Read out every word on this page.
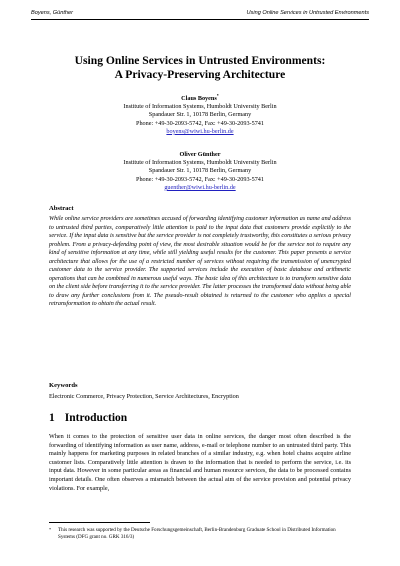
Boyens, Günther	Using Online Services in Untrusted Environments
Using Online Services in Untrusted Environments:
A Privacy-Preserving Architecture
Claus Boyens*
Institute of Information Systems, Humboldt University Berlin
Spandauer Str. 1, 10178 Berlin, Germany
Phone: +49-30-2093-5742, Fax: +49-30-2093-5741
boyens@wiwi.hu-berlin.de
Oliver Günther
Institute of Information Systems, Humboldt University Berlin
Spandauer Str. 1, 10178 Berlin, Germany
Phone: +49-30-2093-5742, Fax: +49-30-2093-5741
guenther@wiwi.hu-berlin.de
Abstract

While online service providers are sometimes accused of forwarding identifying customer information as name and address to untrusted third parties, comparatively little attention is paid to the input data that customers provide explicitly to the service. If the input data is sensitive but the service provider is not completely trustworthy, this constitutes a serious privacy problem. From a privacy-defending point of view, the most desirable situation would be for the service not to require any kind of sensitive information at any time, while still yielding useful results for the customer. This paper presents a service architecture that allows for the use of a restricted number of services without requiring the transmission of unencrypted customer data to the service provider. The supported services include the execution of basic database and arithmetic operations that can be combined in numerous useful ways. The basic idea of this architecture is to transform sensitive data on the client side before transferring it to the service provider. The latter processes the transformed data without being able to draw any further conclusions from it. The pseudo-result obtained is returned to the customer who applies a special retransformation to obtain the actual result.

Keywords
Electronic Commerce, Privacy Protection, Service Architectures, Encryption
1 Introduction

When it comes to the protection of sensitive user data in online services, the danger most often described is the forwarding of identifying information as user name, address, e-mail or telephone number to an untrusted third party. This mainly happens for marketing purposes in related branches of a similar industry, e.g. when hotel chains acquire airline customer lists. Comparatively little attention is drawn to the information that is needed to perform the service, i.e. its input data. However in some particular areas as financial and human resource services, the data to be processed contains important details. One often observes a mismatch between the actual aim of the service provision and potential privacy violations. For example,

* This research was supported by the Deutsche Forschungsgemeinschaft, Berlin-Brandenburg Graduate School in Distributed Information Systems (DFG grant no. GRK 316/3)
